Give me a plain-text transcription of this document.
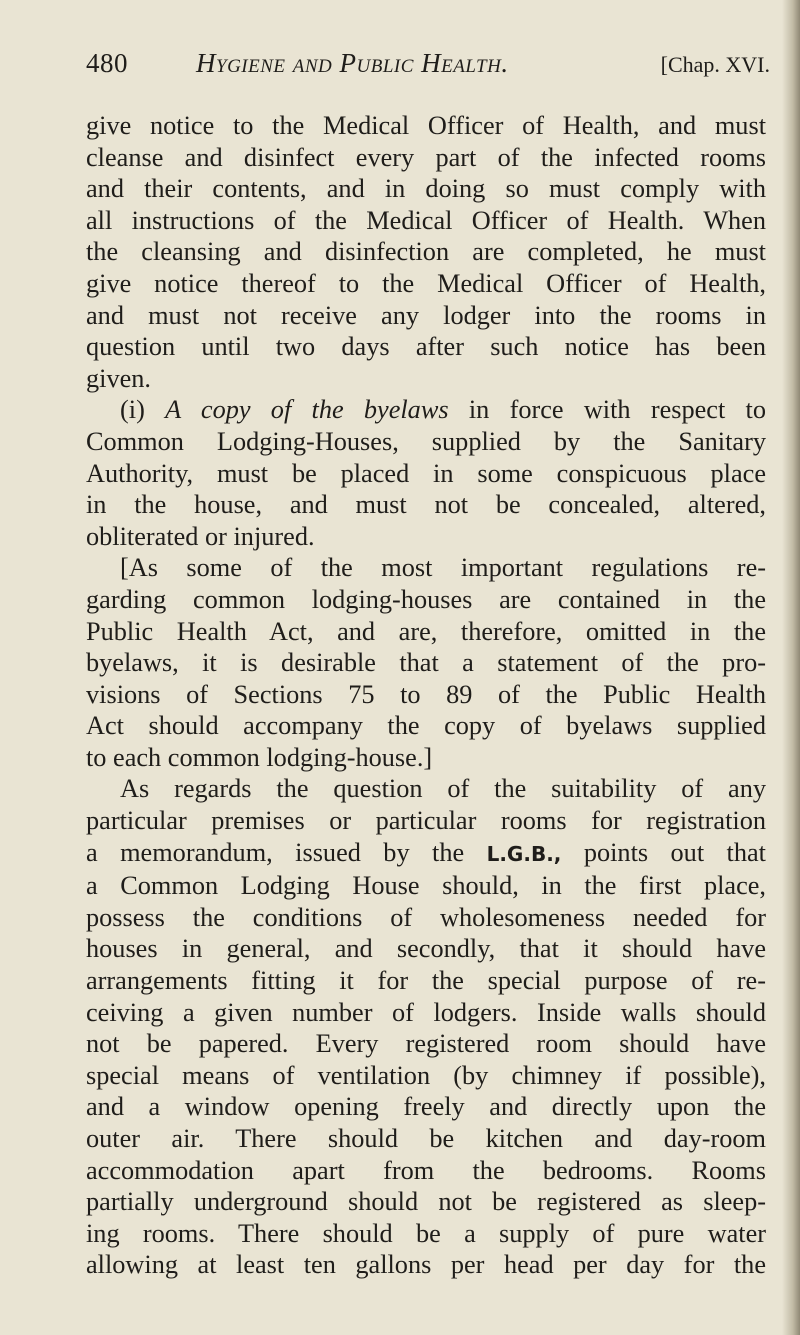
480	Hygiene and Public Health.	[Chap. XVI.
give notice to the Medical Officer of Health, and must
cleanse and disinfect every part of the infected rooms
and their contents, and in doing so must comply with
all instructions of the Medical Officer of Health. When
the cleansing and disinfection are completed, he must
give notice thereof to the Medical Officer of Health,
and must not receive any lodger into the rooms in
question until two days after such notice has been
given.
(i) A copy of the byelaws in force with respect to
Common Lodging-Houses, supplied by the Sanitary
Authority, must be placed in some conspicuous place
in the house, and must not be concealed, altered,
obliterated or injured.
[As some of the most important regulations re-
garding common lodging-houses are contained in the
Public Health Act, and are, therefore, omitted in the
byelaws, it is desirable that a statement of the pro-
visions of Sections 75 to 89 of the Public Health
Act should accompany the copy of byelaws supplied
to each common lodging-house.]
As regards the question of the suitability of any
particular premises or particular rooms for registration
a memorandum, issued by the L.G.B., points out that
a Common Lodging House should, in the first place,
possess the conditions of wholesomeness needed for
houses in general, and secondly, that it should have
arrangements fitting it for the special purpose of re-
ceiving a given number of lodgers. Inside walls should
not be papered. Every registered room should have
special means of ventilation (by chimney if possible),
and a window opening freely and directly upon the
outer air. There should be kitchen and day-room
accommodation apart from the bedrooms. Rooms
partially underground should not be registered as sleep-
ing rooms. There should be a supply of pure water
allowing at least ten gallons per head per day for the
